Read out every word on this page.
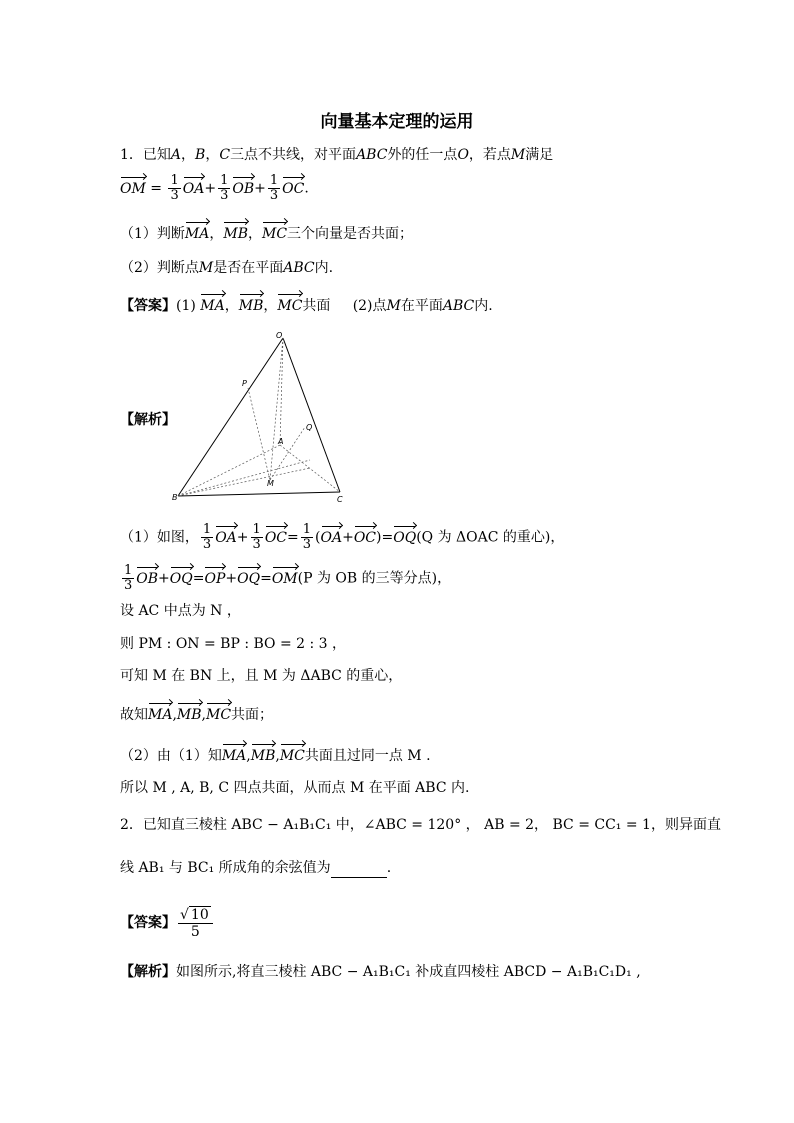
向量基本定理的运用
1．已知A，B，C三点不共线，对平面ABC外的任一点O，若点M满足
OM = $\frac{1}{3} OA+ \frac{1}{3} OB+ \frac{1}{3}$ OC.
（1）判断MA，MB，MC三个向量是否共面；
（2）判断点M是否在平面ABC内.
【答案】(1) MA，MB，MC共面 (2)点M在平面ABC内.
【解析】
O
P
Q
A
M
B	C
（1）如图， $\frac{1}{3} OA+ \frac{1}{3} OC= \frac{1}{3} (OA+OC)=OQ(Q$ 为 ΔOAC 的重心)，
$\frac{1}{3} OB+OQ=OP+OQ=OM(P$ 为 OB 的三等分点)，
设 AC 中点为 N ，
则 PM : ON = BP : BO = 2 : 3 ，
可知 M 在 BN 上，且 M 为 ΔABC 的重心，
故知MA,MB,MC共面；
（2）由（1）知MA,MB,MC共面且过同一点 M .
所以 M , A, B, C 四点共面，从而点 M 在平面 ABC 内.
2．已知直三棱柱 ABC − A₁B₁C₁ 中，∠ABC = 120° ， AB = 2， BC = CC₁ = 1，则异面直
线 AB₁ 与 BC₁ 所成角的余弦值为	.
【答案】 $\frac{√ 10}{5}$
【解析】如图所示,将直三棱柱 ABC − A₁B₁C₁ 补成直四棱柱 ABCD − A₁B₁C₁D₁ ,
